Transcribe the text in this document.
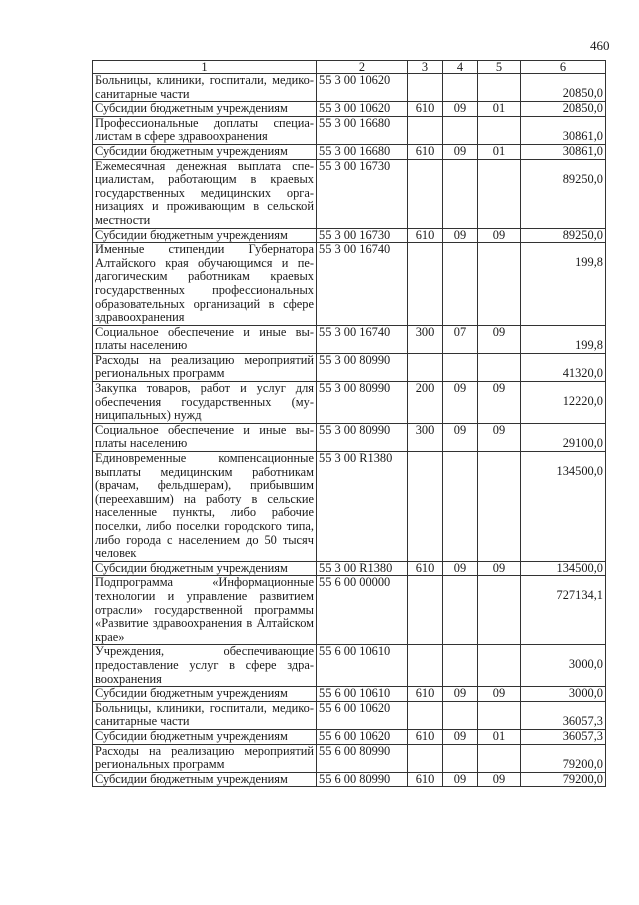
460
1	2	3	4	5	6
Больницы, клиники, госпитали, медико-санитарные части	55 3 00 10620				20850,0
Субсидии бюджетным учреждениям	55 3 00 10620	610	09	01	20850,0
Профессиональные доплаты специалистам в сфере здравоохранения	55 3 00 16680				30861,0
Субсидии бюджетным учреждениям	55 3 00 16680	610	09	01	30861,0
Ежемесячная денежная выплата специалистам, работающим в краевых государственных медицинских организациях и проживающим в сельской местности	55 3 00 16730				89250,0
Субсидии бюджетным учреждениям	55 3 00 16730	610	09	09	89250,0
Именные стипендии Губернатора Алтайского края обучающимся и педагогическим работникам краевых государственных профессиональных образовательных организаций в сфере здравоохранения	55 3 00 16740				199,8
Социальное обеспечение и иные выплаты населению	55 3 00 16740	300	07	09	199,8
Расходы на реализацию мероприятий региональных программ	55 3 00 80990				41320,0
Закупка товаров, работ и услуг для обеспечения государственных (муниципальных) нужд	55 3 00 80990	200	09	09	12220,0
Социальное обеспечение и иные выплаты населению	55 3 00 80990	300	09	09	29100,0
Единовременные компенсационные выплаты медицинским работникам (врачам, фельдшерам), прибывшим (переехавшим) на работу в сельские населенные пункты, либо рабочие поселки, либо поселки городского типа, либо города с населением до 50 тысяч человек	55 3 00 R1380				134500,0
Субсидии бюджетным учреждениям	55 3 00 R1380	610	09	09	134500,0
Подпрограмма «Информационные технологии и управление развитием отрасли» государственной программы «Развитие здравоохранения в Алтайском крае»	55 6 00 00000				727134,1
Учреждения, обеспечивающие предоставление услуг в сфере здравоохранения	55 6 00 10610				3000,0
Субсидии бюджетным учреждениям	55 6 00 10610	610	09	09	3000,0
Больницы, клиники, госпитали, медико-санитарные части	55 6 00 10620				36057,3
Субсидии бюджетным учреждениям	55 6 00 10620	610	09	01	36057,3
Расходы на реализацию мероприятий региональных программ	55 6 00 80990				79200,0
Субсидии бюджетным учреждениям	55 6 00 80990	610	09	09	79200,0
